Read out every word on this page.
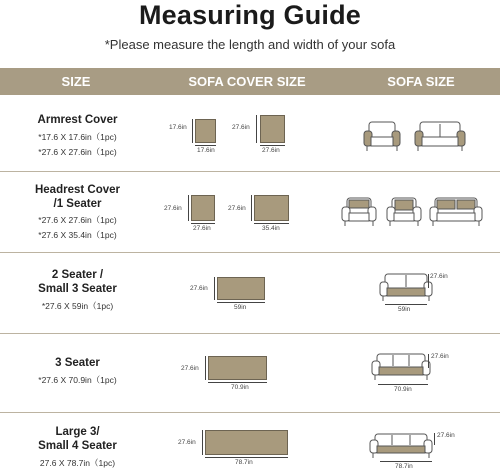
Measuring Guide
*Please measure the length and width of your sofa
SIZE	SOFA COVER SIZE	SOFA SIZE
Armrest Cover
*17.6 X 17.6in（1pc)
*27.6 X 27.6in（1pc)
17.6in
17.6in
27.6in
27.6in
Headrest Cover
/1 Seater
*27.6 X 27.6in（1pc)
*27.6 X 35.4in（1pc)
27.6in
27.6in
27.6in
35.4in
2 Seater /
Small 3 Seater
*27.6 X 59in（1pc)
27.6in
59in
27.6in
59in
3 Seater
*27.6 X 70.9in（1pc)
27.6in
70.9in
27.6in
70.9in
Large 3/
Small 4 Seater
27.6 X 78.7in（1pc)
27.6in
78.7in
27.6in
78.7in
